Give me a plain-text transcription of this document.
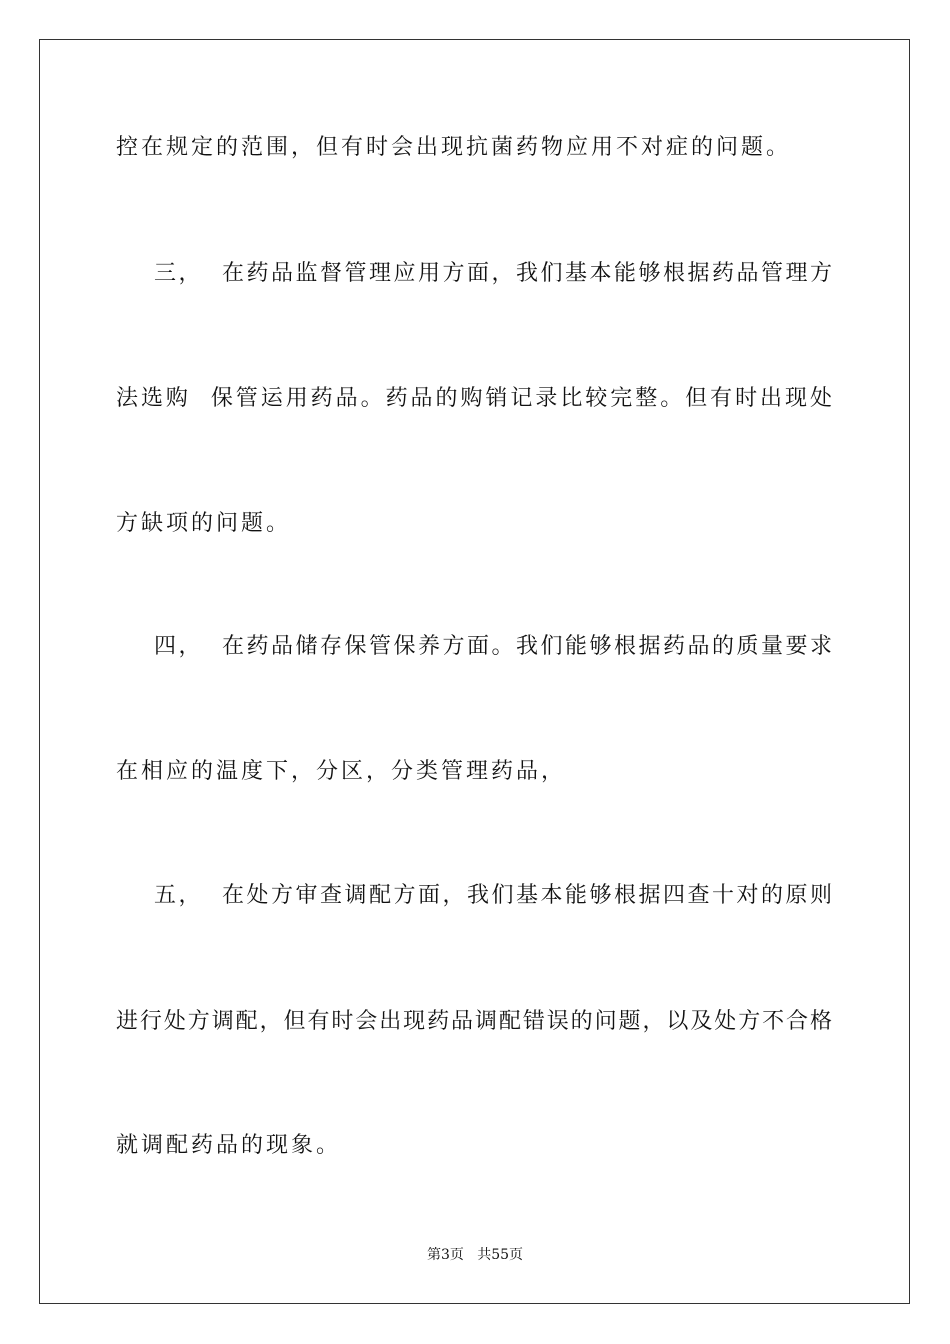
控在规定的范围，但有时会出现抗菌药物应用不对症的问题。
三，  在药品监督管理应用方面，我们基本能够根据药品管理方
法选购  保管运用药品。药品的购销记录比较完整。但有时出现处
方缺项的问题。
四，  在药品储存保管保养方面。我们能够根据药品的质量要求
在相应的温度下，分区，分类管理药品，
五，  在处方审查调配方面，我们基本能够根据四查十对的原则
进行处方调配，但有时会出现药品调配错误的问题，以及处方不合格
就调配药品的现象。
第3页   共55页
